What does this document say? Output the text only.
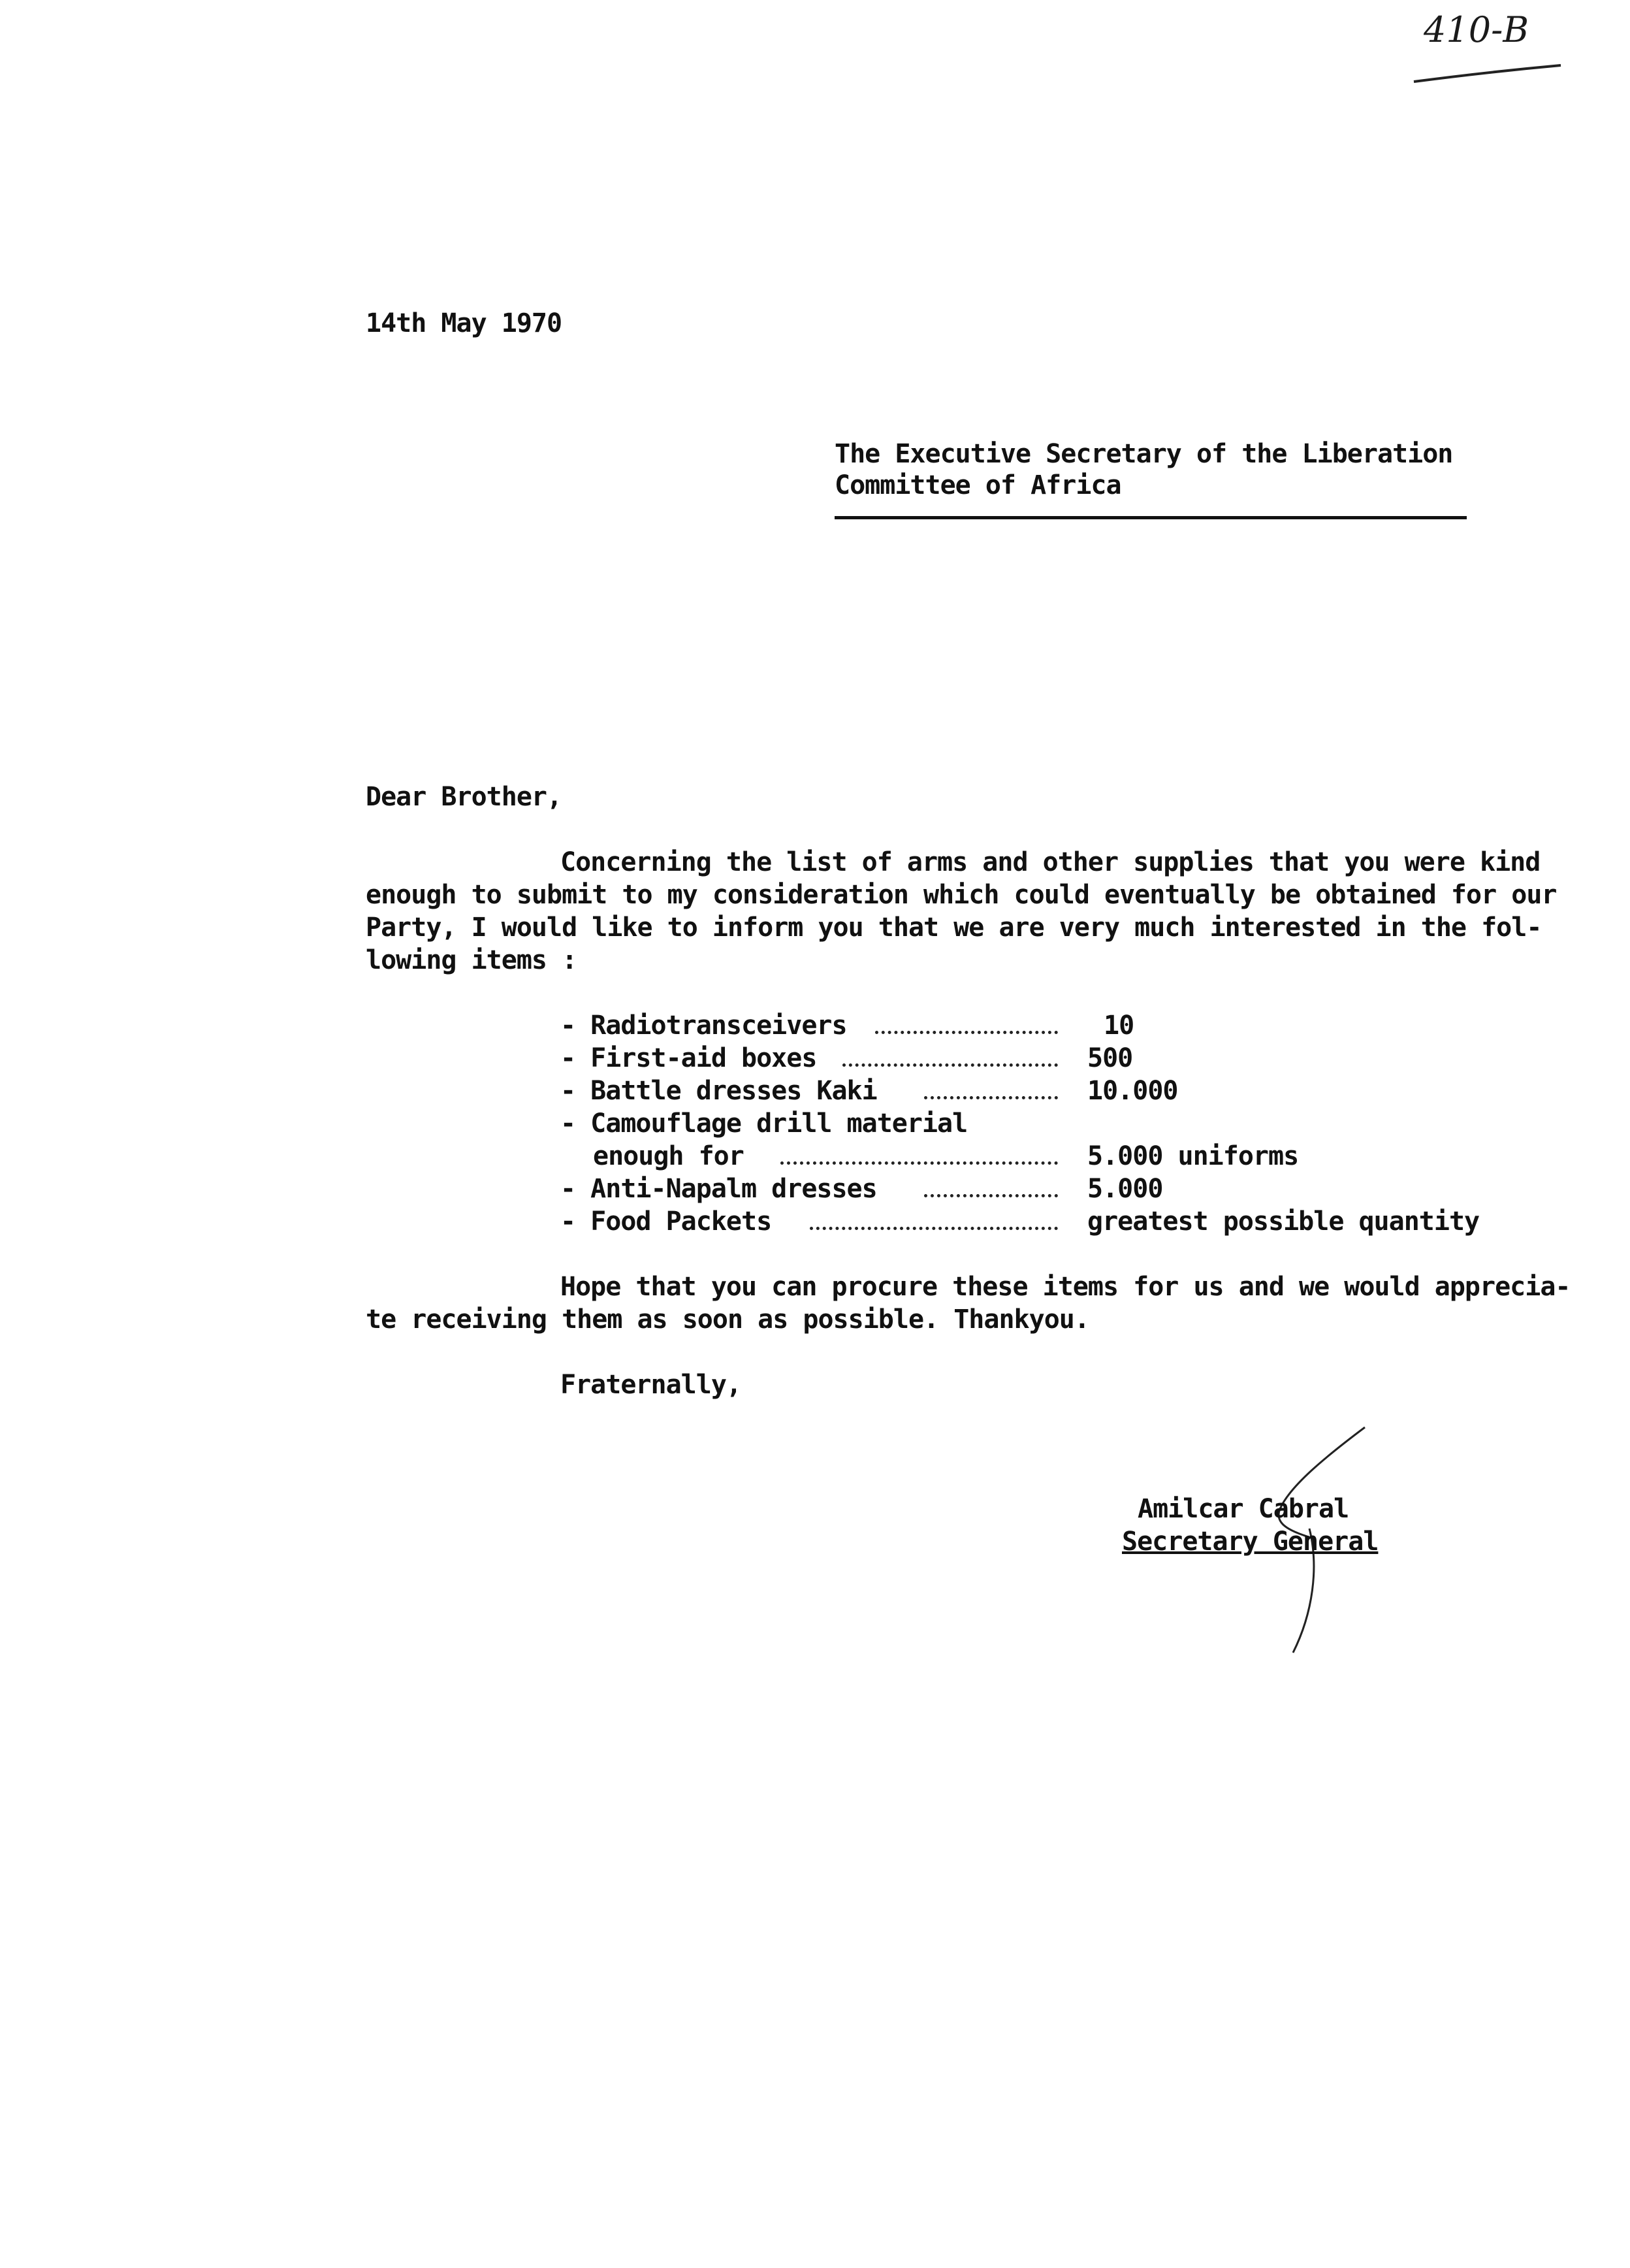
410-B
14th May 1970
The Executive Secretary of the Liberation
Committee of Africa
Dear Brother,
Concerning the list of arms and other supplies that you were kind
enough to submit to my consideration which could eventually be obtained for our
Party, I would like to inform you that we are very much interested in the fol-
lowing items :
- Radiotransceivers	10
- First-aid boxes	500
- Battle dresses Kaki	10.000
- Camouflage drill material
enough for	5.000 uniforms
- Anti-Napalm dresses	5.000
- Food Packets	greatest possible quantity
Hope that you can procure these items for us and we would apprecia-
te receiving them as soon as possible. Thankyou.
Fraternally,
Amilcar Cabral
Secretary General
